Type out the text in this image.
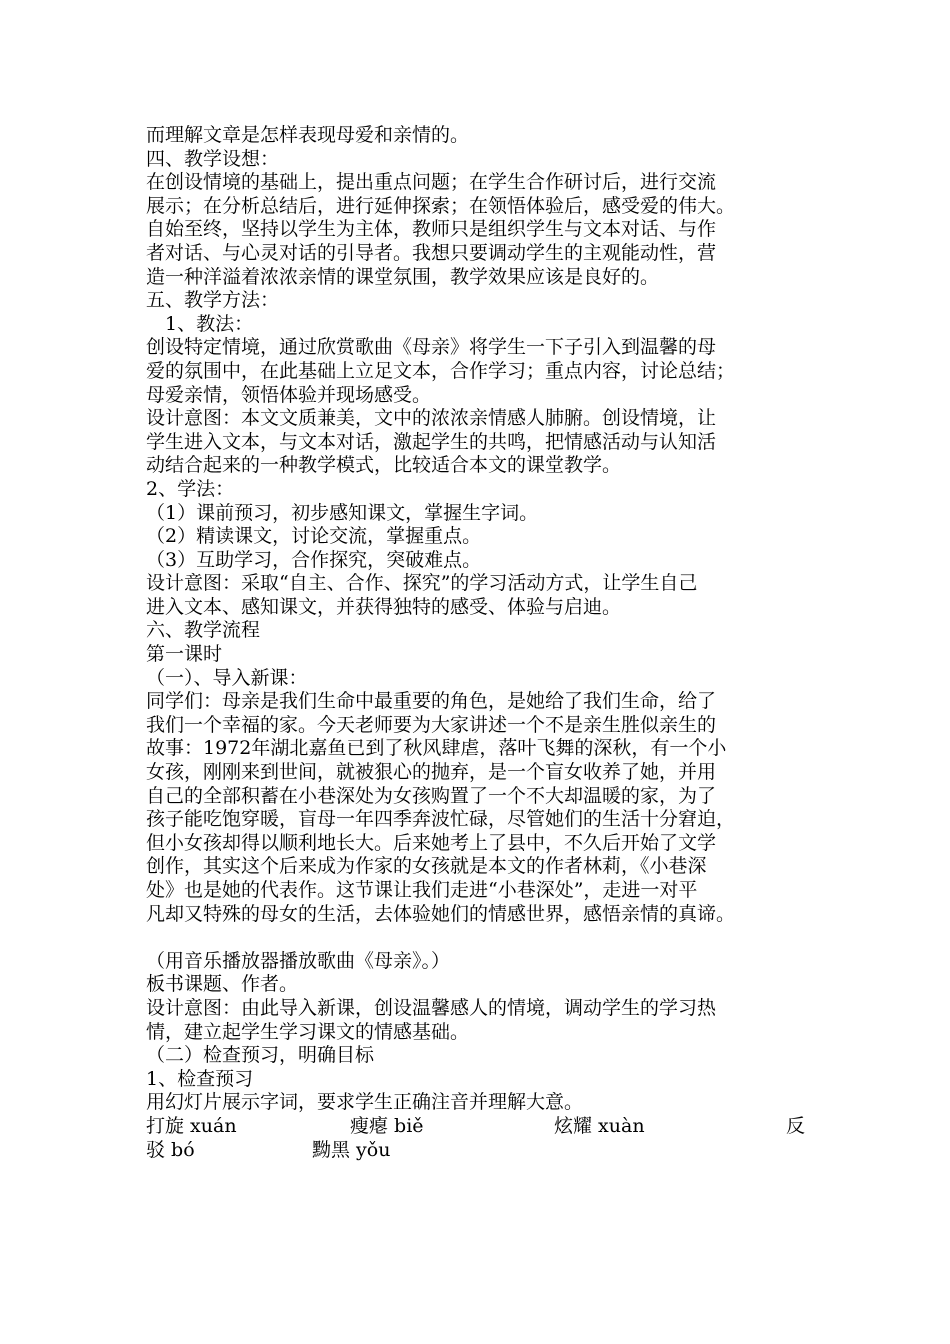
而理解文章是怎样表现母爱和亲情的。
四、教学设想：
在创设情境的基础上，提出重点问题；在学生合作研讨后，进行交流
展示；在分析总结后，进行延伸探索；在领悟体验后，感受爱的伟大。
自始至终，坚持以学生为主体，教师只是组织学生与文本对话、与作
者对话、与心灵对话的引导者。我想只要调动学生的主观能动性，营
造一种洋溢着浓浓亲情的课堂氛围，教学效果应该是良好的。
五、教学方法：
1、教法：
创设特定情境，通过欣赏歌曲《母亲》将学生一下子引入到温馨的母
爱的氛围中，在此基础上立足文本，合作学习；重点内容，讨论总结；
母爱亲情，领悟体验并现场感受。
设计意图：本文文质兼美，文中的浓浓亲情感人肺腑。创设情境，让
学生进入文本，与文本对话，激起学生的共鸣，把情感活动与认知活
动结合起来的一种教学模式，比较适合本文的课堂教学。
2、学法：
（1）课前预习，初步感知课文，掌握生字词。
（2）精读课文，讨论交流，掌握重点。
（3）互助学习，合作探究，突破难点。
设计意图：采取“自主、合作、探究”的学习活动方式，让学生自己
进入文本、感知课文，并获得独特的感受、体验与启迪。
六、教学流程
第一课时
（一）、导入新课：
同学们：母亲是我们生命中最重要的角色，是她给了我们生命，给了
我们一个幸福的家。今天老师要为大家讲述一个不是亲生胜似亲生的
故事：1972年湖北嘉鱼已到了秋风肆虐，落叶飞舞的深秋，有一个小
女孩，刚刚来到世间，就被狠心的抛弃，是一个盲女收养了她，并用
自己的全部积蓄在小巷深处为女孩购置了一个不大却温暖的家，为了
孩子能吃饱穿暖，盲母一年四季奔波忙碌，尽管她们的生活十分窘迫，
但小女孩却得以顺利地长大。后来她考上了县中，不久后开始了文学
创作，其实这个后来成为作家的女孩就是本文的作者林莉，《小巷深
处》也是她的代表作。这节课让我们走进“小巷深处”，走进一对平
凡却又特殊的母女的生活，去体验她们的情感世界，感悟亲情的真谛。
（用音乐播放器播放歌曲《母亲》。）
板书课题、作者。
设计意图：由此导入新课，创设温馨感人的情境，调动学生的学习热
情，建立起学生学习课文的情感基础。
（二）检查预习，明确目标
1、检查预习
用幻灯片展示字词，要求学生正确注音并理解大意。
打旋 xuán	瘦瘪 biě	炫耀 xuàn	反
驳 bó	黝黑 yǒu
